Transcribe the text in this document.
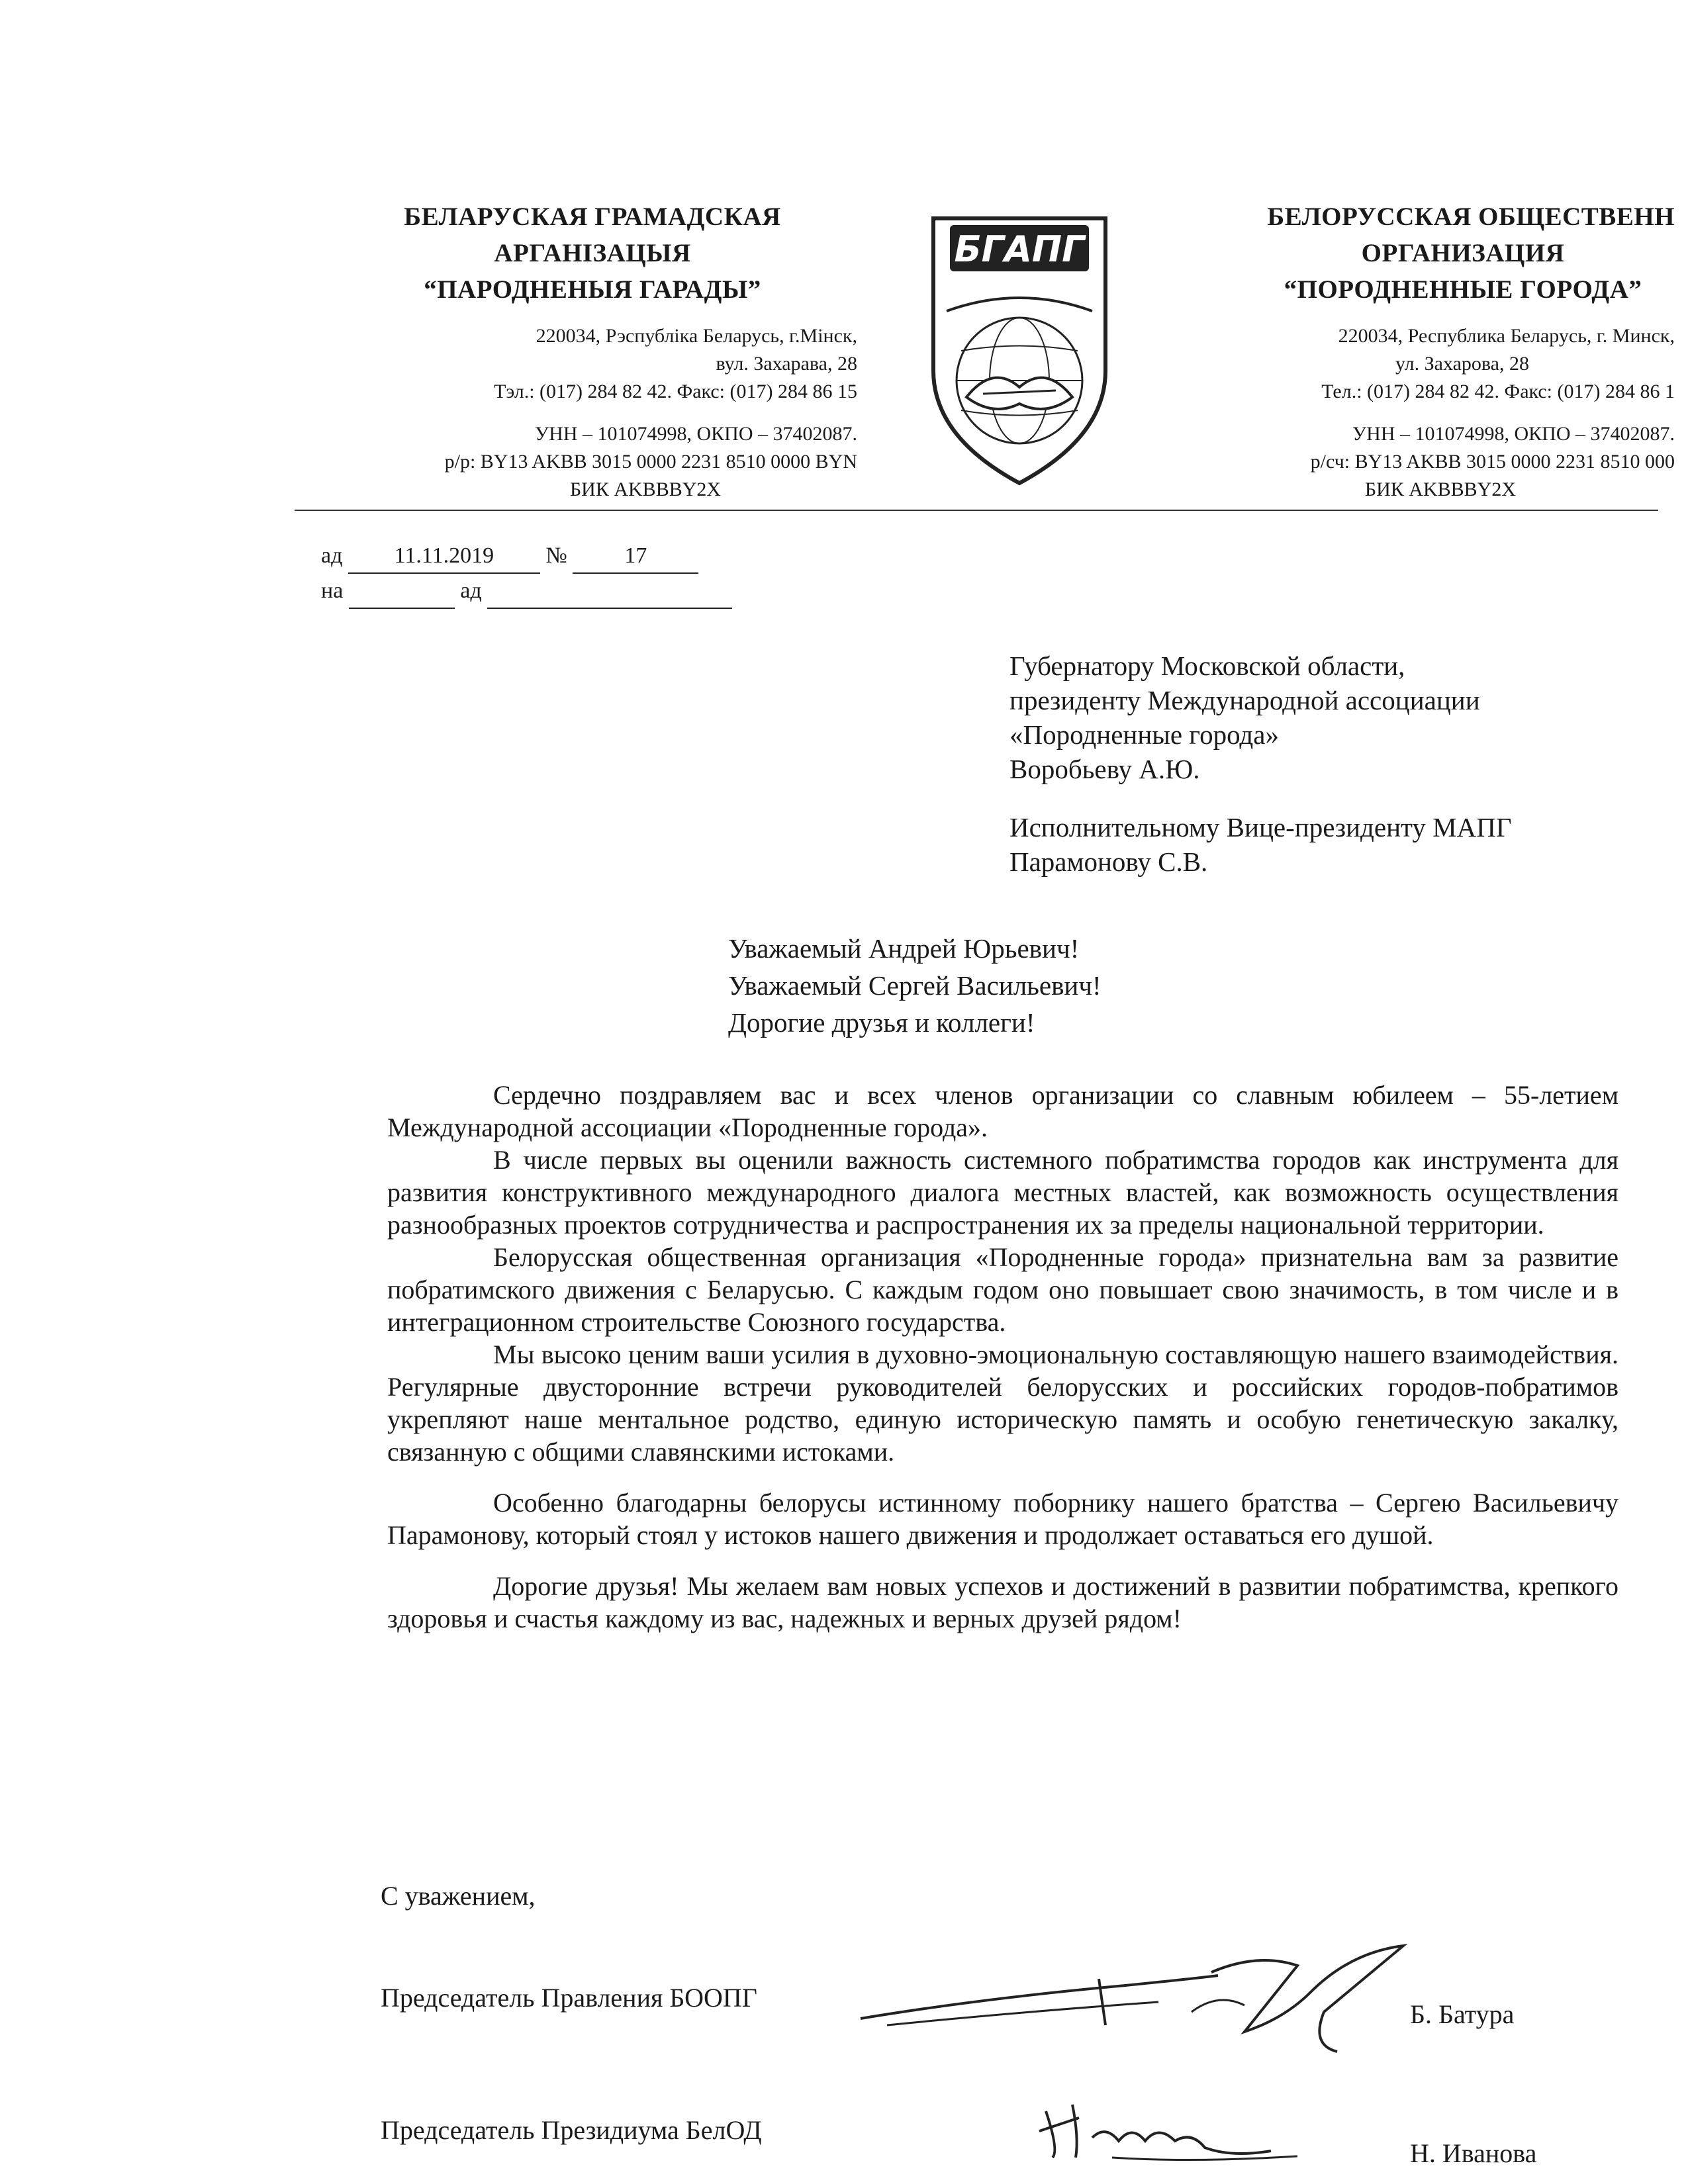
БЕЛАРУСКАЯ ГРАМАДСКАЯ
АРГАНІЗАЦЫЯ
“ПАРОДНЕНЫЯ ГАРАДЫ”
220034, Рэспубліка Беларусь, г.Мінск,
вул. Захарава, 28
Тэл.: (017) 284 82 42. Факс: (017) 284 86 15
УНН – 101074998, ОКПО – 37402087.
р/р: BY13 AKBB 3015 0000 2231 8510 0000 BYN
БИК AKBBBY2X
БГАПГ
БЕЛОРУССКАЯ ОБЩЕСТВЕНН
ОРГАНИЗАЦИЯ
“ПОРОДНЕННЫЕ ГОРОДА”
220034, Республика Беларусь, г. Минск,
ул. Захарова, 28
Тел.: (017) 284 82 42. Факс: (017) 284 86 1
УНН – 101074998, ОКПО – 37402087.
р/сч: BY13 AKBB 3015 0000 2231 8510 000
БИК AKBBBY2X
ад 11.11.2019 №	17
на	ад
Губернатору Московской области,
президенту Международной ассоциации
«Породненные города»
Воробьеву А.Ю.
Исполнительному Вице-президенту МАПГ
Парамонову С.В.
Уважаемый Андрей Юрьевич!
Уважаемый Сергей Васильевич!
Дорогие друзья и коллеги!

Сердечно поздравляем вас и всех членов организации со славным юбилеем – 55-летием Международной ассоциации «Породненные города».

В числе первых вы оценили важность системного побратимства городов как инструмента для развития конструктивного международного диалога местных властей, как возможность осуществления разнообразных проектов сотрудничества и распространения их за пределы национальной территории.

Белорусская общественная организация «Породненные города» признательна вам за развитие побратимского движения с Беларусью. С каждым годом оно повышает свою значимость, в том числе и в интеграционном строительстве Союзного государства.

Мы высоко ценим ваши усилия в духовно-эмоциональную составляющую нашего взаимодействия. Регулярные двусторонние встречи руководителей белорусских и российских городов-побратимов укрепляют наше ментальное родство, единую историческую память и особую генетическую закалку, связанную с общими славянскими истоками.

Особенно благодарны белорусы истинному поборнику нашего братства – Сергею Васильевичу Парамонову, который стоял у истоков нашего движения и продолжает оставаться его душой.

Дорогие друзья! Мы желаем вам новых успехов и достижений в развитии побратимства, крепкого здоровья и счастья каждому из вас, надежных и верных друзей рядом!

С уважением,
Председатель Правления БООПГ
Б. Батура
Председатель Президиума БелОД
Н. Иванова
